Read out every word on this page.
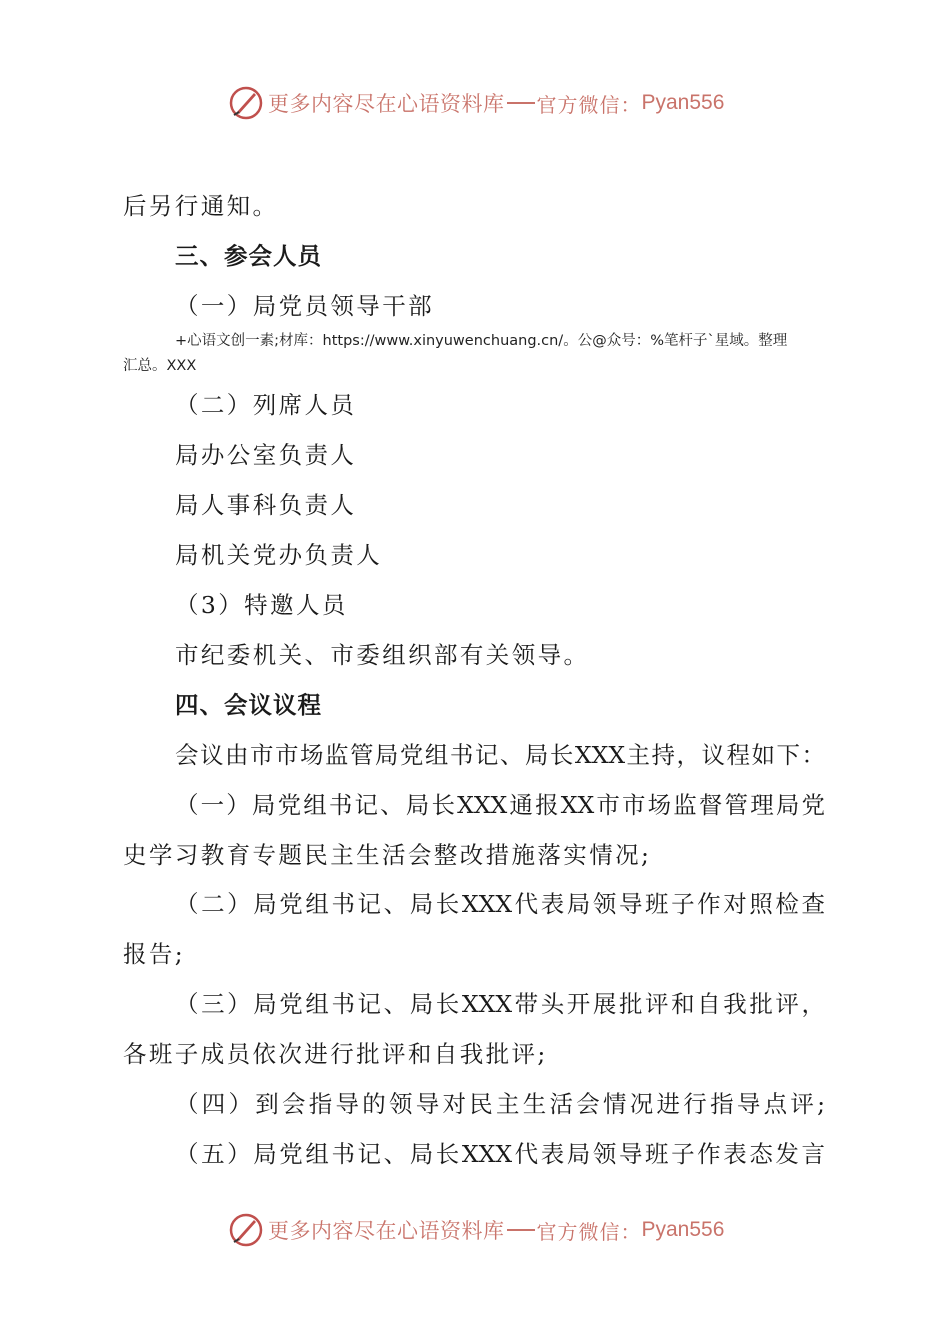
更多内容尽在心语资料库 官方微信： Pyan556
后另行通知。
三、参会人员
（一）局党员领导干部
+心语文创一素;材库：https://www.xinyuwenchuang.cn/。公@众号：%笔杆子`星域。整理
汇总。XXX
（二）列席人员
局办公室负责人
局人事科负责人
局机关党办负责人
（3）特邀人员
市纪委机关、市委组织部有关领导。
四、会议议程
会议由市市场监管局党组书记、局长XXX主持，议程如下：
（一）局党组书记、局长XXX通报XX市市场监督管理局党
史学习教育专题民主生活会整改措施落实情况;
（二）局党组书记、局长XXX代表局领导班子作对照检查
报告;
（三）局党组书记、局长XXX带头开展批评和自我批评，
各班子成员依次进行批评和自我批评;
（四）到会指导的领导对民主生活会情况进行指导点评;
（五）局党组书记、局长XXX代表局领导班子作表态发言
更多内容尽在心语资料库 官方微信： Pyan556
